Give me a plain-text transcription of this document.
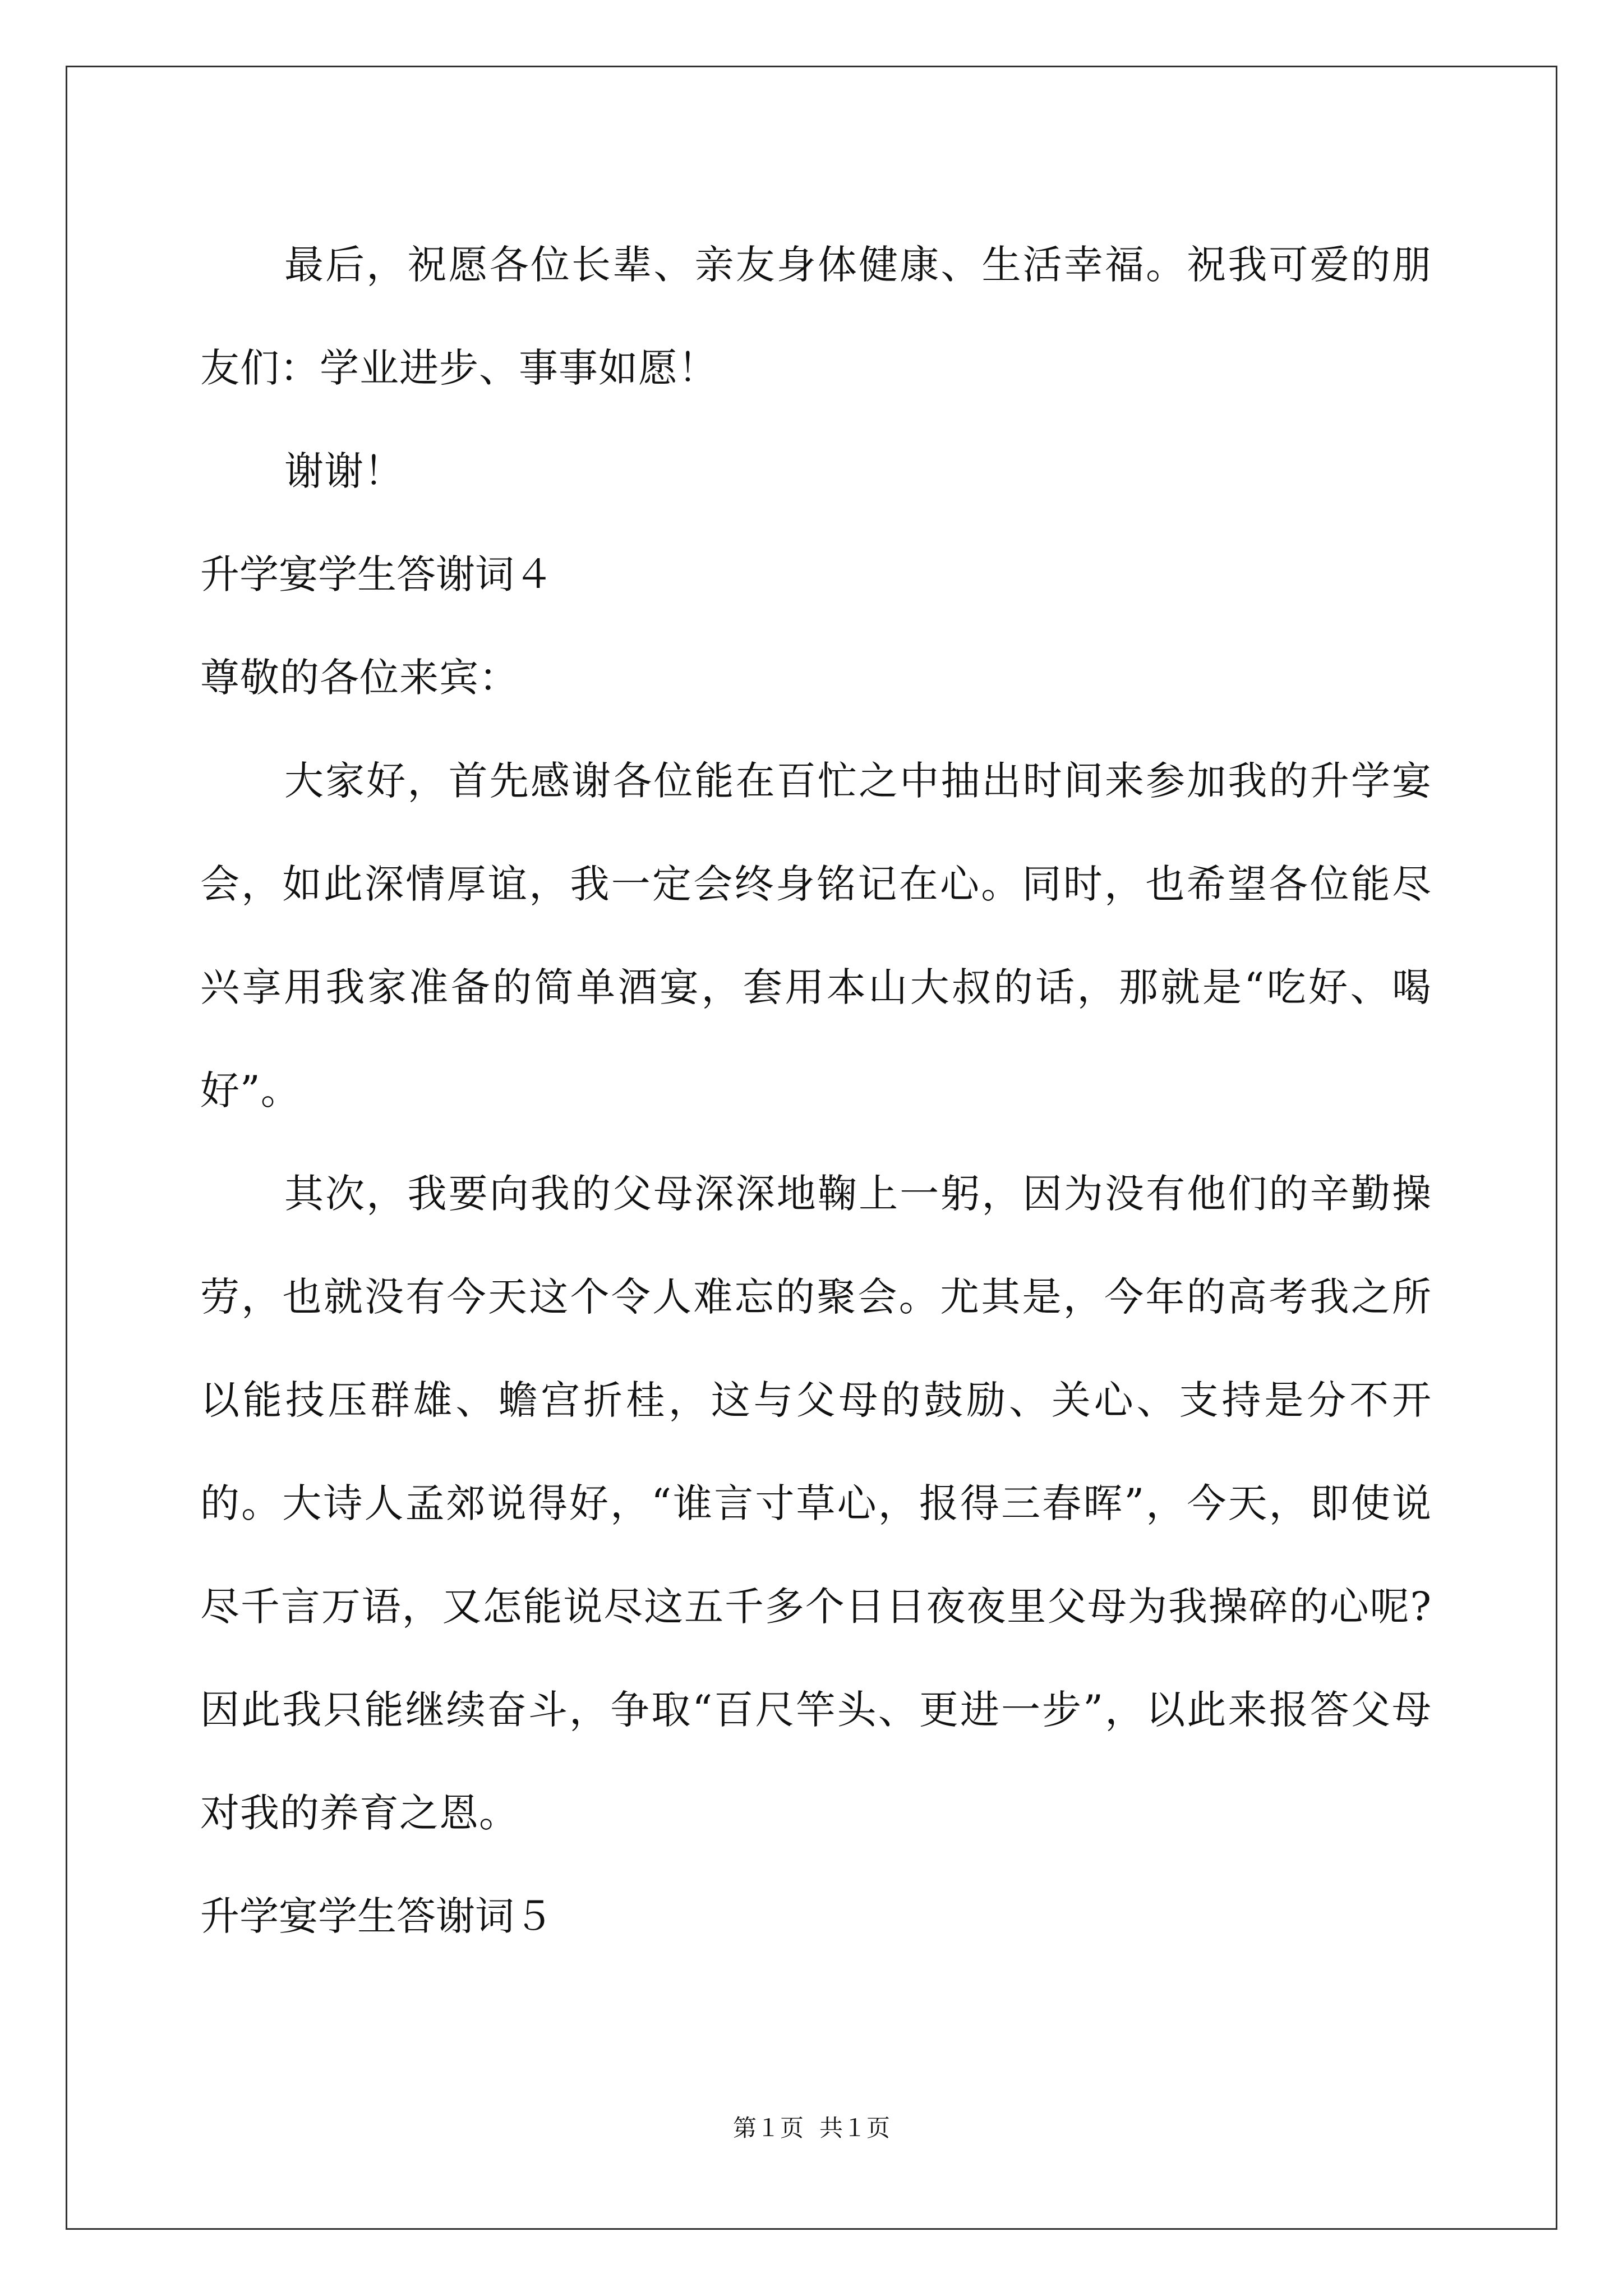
最后，祝愿各位长辈、亲友身体健康、生活幸福。祝我可爱的朋友们：学业进步、事事如愿！

谢谢！

升学宴学生答谢词４

尊敬的各位来宾：

大家好，首先感谢各位能在百忙之中抽出时间来参加我的升学宴会，如此深情厚谊，我一定会终身铭记在心。同时，也希望各位能尽兴享用我家准备的简单酒宴，套用本山大叔的话，那就是“吃好、喝好”。

其次，我要向我的父母深深地鞠上一躬，因为没有他们的辛勤操劳，也就没有今天这个令人难忘的聚会。尤其是，今年的高考我之所以能技压群雄、蟾宫折桂，这与父母的鼓励、关心、支持是分不开的。大诗人孟郊说得好，“谁言寸草心，报得三春晖”，今天，即使说尽千言万语，又怎能说尽这五千多个日日夜夜里父母为我操碎的心呢?因此我只能继续奋斗，争取“百尺竿头、更进一步”，以此来报答父母对我的养育之恩。

升学宴学生答谢词５

第１页 共１页
